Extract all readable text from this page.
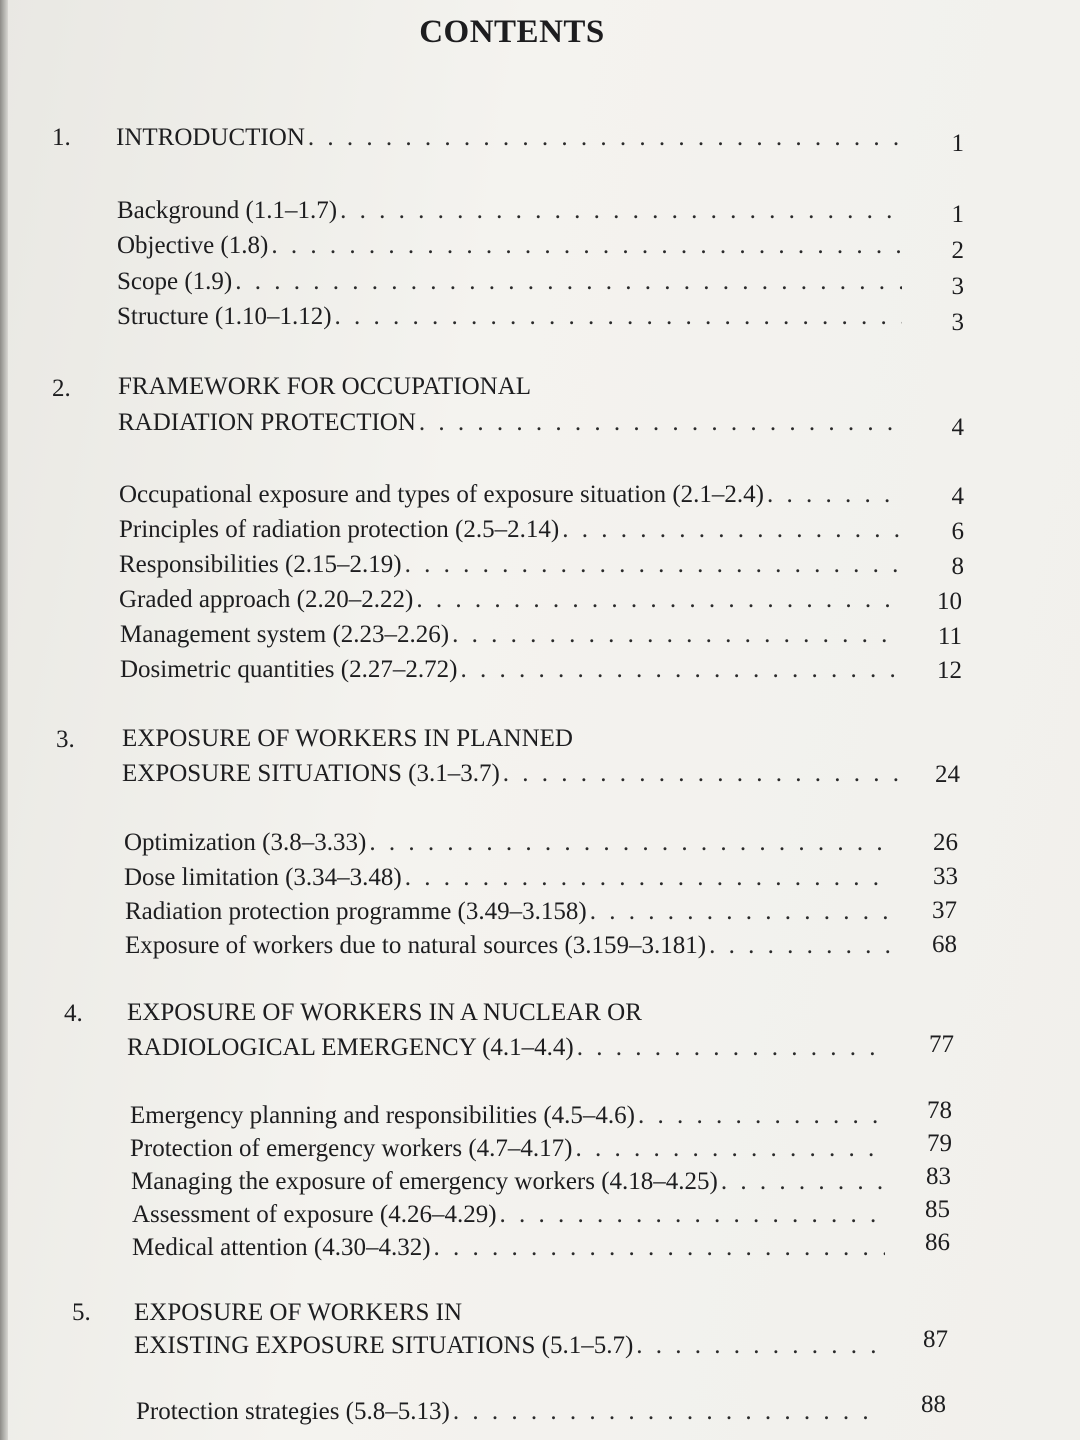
CONTENTS
1. INTRODUCTION . . .	1
Background (1.1–1.7) . . .	1
Objective (1.8) . . .	2
Scope (1.9) . . .	3
Structure (1.10–1.12) . . .	3
2. FRAMEWORK FOR OCCUPATIONAL
RADIATION PROTECTION . . .	4
Occupational exposure and types of exposure situation (2.1–2.4) . . .	4
Principles of radiation protection (2.5–2.14) . . .	6
Responsibilities (2.15–2.19) . . .	8
Graded approach (2.20–2.22) . . .	10
Management system (2.23–2.26) . . .	11
Dosimetric quantities (2.27–2.72) . . .	12
3. EXPOSURE OF WORKERS IN PLANNED
EXPOSURE SITUATIONS (3.1–3.7) . . .	24
Optimization (3.8–3.33) . . .	26
Dose limitation (3.34–3.48) . . .	33
Radiation protection programme (3.49–3.158) . . .	37
Exposure of workers due to natural sources (3.159–3.181) . . .	68
4. EXPOSURE OF WORKERS IN A NUCLEAR OR
RADIOLOGICAL EMERGENCY (4.1–4.4) . . .	77
Emergency planning and responsibilities (4.5–4.6) . . .	78
Protection of emergency workers (4.7–4.17) . . .	79
Managing the exposure of emergency workers (4.18–4.25) . . .	83
Assessment of exposure (4.26–4.29) . . .	85
Medical attention (4.30–4.32) . . .	86
5. EXPOSURE OF WORKERS IN
EXISTING EXPOSURE SITUATIONS (5.1–5.7) . . .	87
Protection strategies (5.8–5.13) . . .	88
